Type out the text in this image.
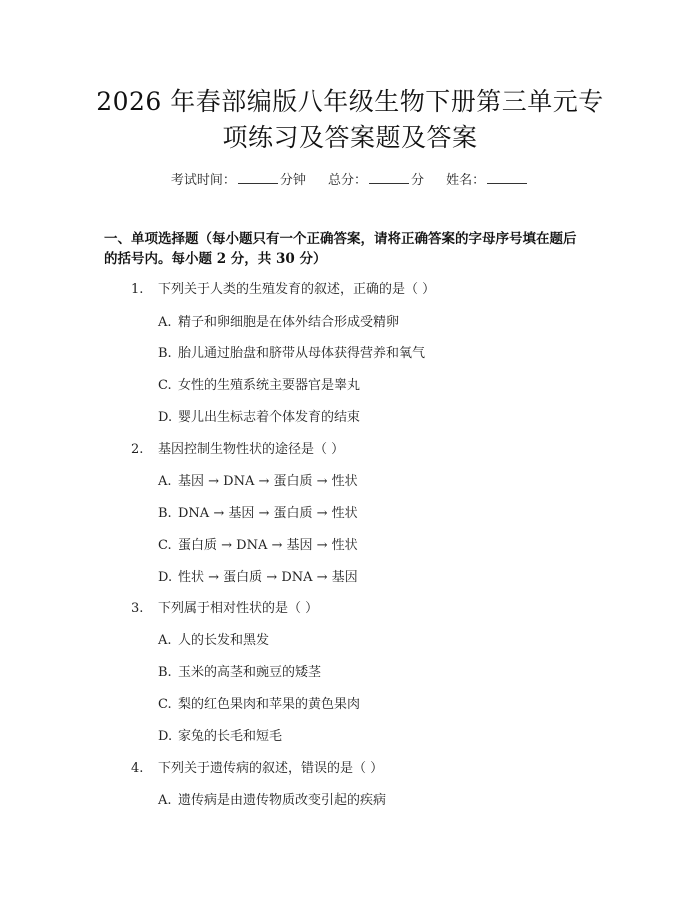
2026 年春部编版八年级生物下册第三单元专
项练习及答案题及答案
考试时间：	分钟 总分：	分 姓名：
一、单项选择题（每小题只有一个正确答案，请将正确答案的字母序号填在题后
的括号内。每小题 2 分，共 30 分）
1. 下列关于人类的生殖发育的叙述，正确的是（ ）
A. 精子和卵细胞是在体外结合形成受精卵
B. 胎儿通过胎盘和脐带从母体获得营养和氧气
C. 女性的生殖系统主要器官是睾丸
D. 婴儿出生标志着个体发育的结束
2. 基因控制生物性状的途径是（ ）
A. 基因 → DNA → 蛋白质 → 性状
B. DNA → 基因 → 蛋白质 → 性状
C. 蛋白质 → DNA → 基因 → 性状
D. 性状 → 蛋白质 → DNA → 基因
3. 下列属于相对性状的是（ ）
A. 人的长发和黑发
B. 玉米的高茎和豌豆的矮茎
C. 梨的红色果肉和苹果的黄色果肉
D. 家兔的长毛和短毛
4. 下列关于遗传病的叙述，错误的是（ ）
A. 遗传病是由遗传物质改变引起的疾病
